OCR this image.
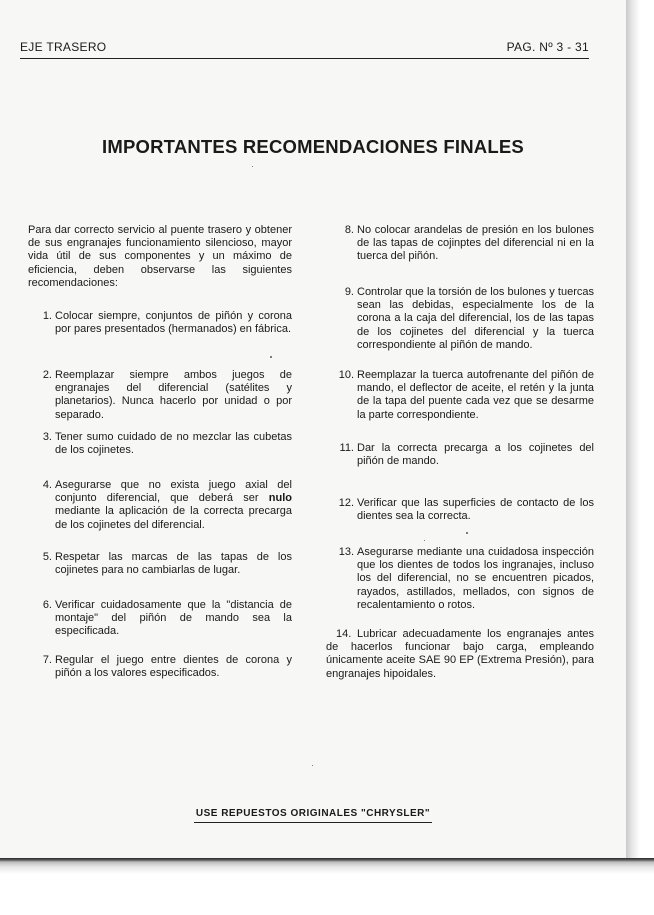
EJE TRASERO	PAG. Nº 3 - 31
IMPORTANTES RECOMENDACIONES FINALES
Para dar correcto servicio al puente trasero y obtener de sus engranajes funcionamiento silencioso, mayor vida útil de sus componentes y un máximo de eficiencia, deben observarse las siguientes recomendaciones:
1. Colocar siempre, conjuntos de piñón y corona por pares presentados (hermanados) en fábrica.
2. Reemplazar siempre ambos juegos de engranajes del diferencial (satélites y planetarios). Nunca hacerlo por unidad o por separado.
3. Tener sumo cuidado de no mezclar las cubetas de los cojinetes.
4. Asegurarse que no exista juego axial del conjunto diferencial, que deberá ser nulo mediante la aplicación de la correcta precarga de los cojinetes del diferencial.
5. Respetar las marcas de las tapas de los cojinetes para no cambiarlas de lugar.
6. Verificar cuidadosamente que la "distancia de montaje" del piñón de mando sea la especificada.
7. Regular el juego entre dientes de corona y piñón a los valores especificados.
8. No colocar arandelas de presión en los bulones de las tapas de cojinptes del diferencial ni en la tuerca del piñón.
9. Controlar que la torsión de los bulones y tuercas sean las debidas, especialmente los de la corona a la caja del diferencial, los de las tapas de los cojinetes del diferencial y la tuerca correspondiente al piñón de mando.
10. Reemplazar la tuerca autofrenante del piñón de mando, el deflector de aceite, el retén y la junta de la tapa del puente cada vez que se desarme la parte correspondiente.
11. Dar la correcta precarga a los cojinetes del piñón de mando.
12. Verificar que las superficies de contacto de los dientes sea la correcta.
13. Asegurarse mediante una cuidadosa inspección que los dientes de todos los ingranajes, incluso los del diferencial, no se encuentren picados, rayados, astillados, mellados, con signos de recalentamiento o rotos.
14. Lubricar adecuadamente los engranajes antes de hacerlos funcionar bajo carga, empleando únicamente aceite SAE 90 EP (Extrema Presión), para engranajes hipoidales.
USE REPUESTOS ORIGINALES "CHRYSLER"
